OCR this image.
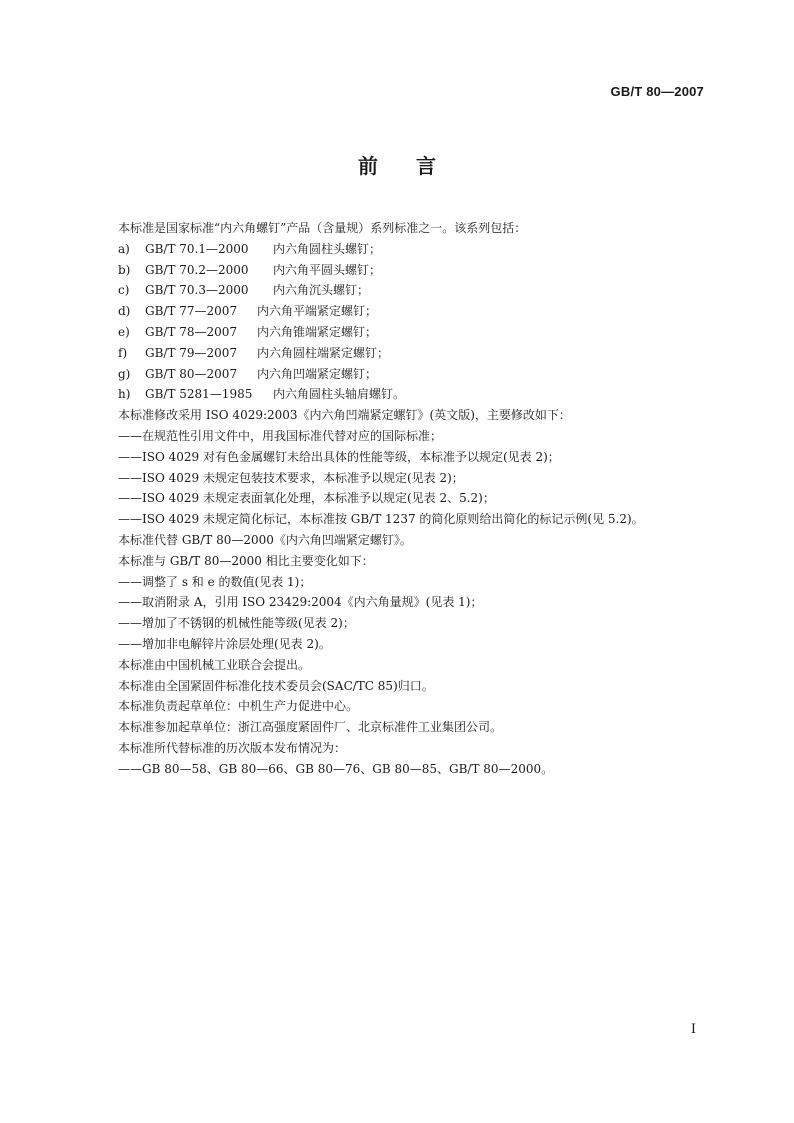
GB/T 80—2007
前 言
本标准是国家标准“内六角螺钉”产品（含量规）系列标准之一。该系列包括：
a) GB/T 70.1—2000 内六角圆柱头螺钉；
b) GB/T 70.2—2000 内六角平圆头螺钉；
c) GB/T 70.3—2000 内六角沉头螺钉；
d) GB/T 77—2007 内六角平端紧定螺钉；
e) GB/T 78—2007 内六角锥端紧定螺钉；
f) GB/T 79—2007 内六角圆柱端紧定螺钉；
g) GB/T 80—2007 内六角凹端紧定螺钉；
h) GB/T 5281—1985 内六角圆柱头轴肩螺钉。
本标准修改采用 ISO 4029:2003《内六角凹端紧定螺钉》(英文版)，主要修改如下：
——在规范性引用文件中，用我国标准代替对应的国际标准；
——ISO 4029 对有色金属螺钉未给出具体的性能等级，本标准予以规定(见表 2)；
——ISO 4029 未规定包装技术要求，本标准予以规定(见表 2)；
——ISO 4029 未规定表面氧化处理，本标准予以规定(见表 2、5.2)；
——ISO 4029 未规定简化标记，本标准按 GB/T 1237 的简化原则给出简化的标记示例(见 5.2)。
本标准代替 GB/T 80—2000《内六角凹端紧定螺钉》。
本标准与 GB/T 80—2000 相比主要变化如下：
——调整了 s 和 e 的数值(见表 1)；
——取消附录 A，引用 ISO 23429:2004《内六角量规》(见表 1)；
——增加了不锈钢的机械性能等级(见表 2)；
——增加非电解锌片涂层处理(见表 2)。
本标准由中国机械工业联合会提出。
本标准由全国紧固件标准化技术委员会(SAC/TC 85)归口。
本标准负责起草单位：中机生产力促进中心。
本标准参加起草单位：浙江高强度紧固件厂、北京标准件工业集团公司。
本标准所代替标准的历次版本发布情况为：
——GB 80—58、GB 80—66、GB 80—76、GB 80—85、GB/T 80—2000。
I
